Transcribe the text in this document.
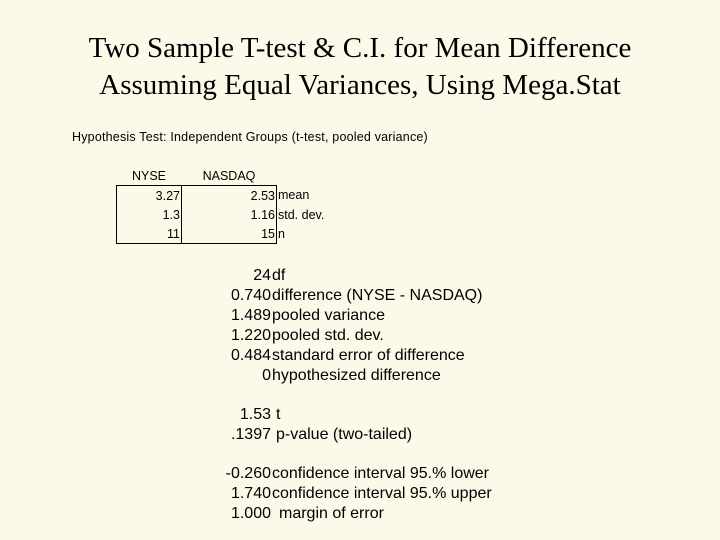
Two Sample T-test & C.I. for Mean Difference
Assuming Equal Variances, Using Mega.Stat
Hypothesis Test: Independent Groups (t-test, pooled variance)
NYSE	NASDAQ	
3.27	2.53	mean
1.3	1.16	std. dev.
11	15	n
24 df
0.740 difference (NYSE - NASDAQ)
1.489 pooled variance
1.220 pooled std. dev.
0.484 standard error of difference
0 hypothesized difference
1.53 t
.1397 p-value (two-tailed)
-0.260 confidence interval 95.% lower
1.740 confidence interval 95.% upper
1.000 margin of error
